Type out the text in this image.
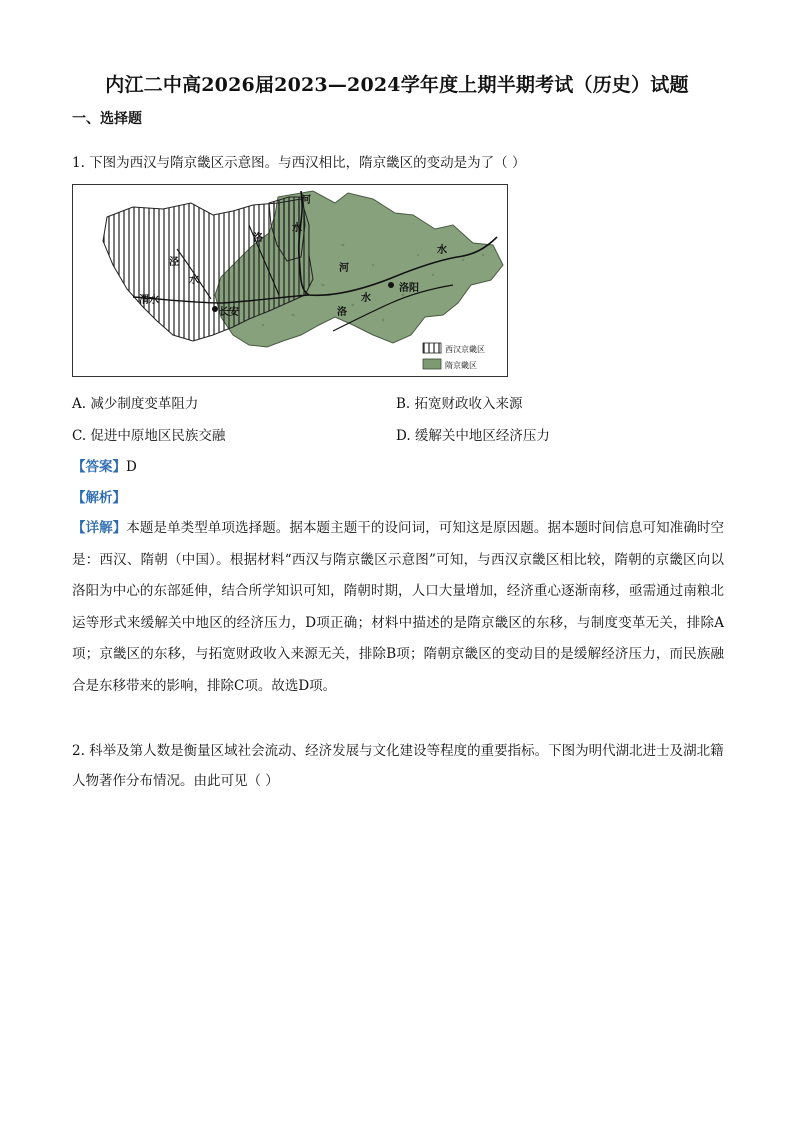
内江二中高2026届2023—2024学年度上期半期考试（历史）试题
一、选择题
1. 下图为西汉与隋京畿区示意图。与西汉相比，隋京畿区的变动是为了（ ）
河
水
洛
泾
渭水
水
长安
河
水
洛
水
洛阳
西汉京畿区
隋京畿区
A. 减少制度变革阻力	B. 拓宽财政收入来源
C. 促进中原地区民族交融	D. 缓解关中地区经济压力
【答案】D
【解析】
【详解】本题是单类型单项选择题。据本题主题干的设问词，可知这是原因题。据本题时间信息可知准确时空是：西汉、隋朝（中国）。根据材料“西汉与隋京畿区示意图”可知，与西汉京畿区相比较，隋朝的京畿区向以洛阳为中心的东部延伸，结合所学知识可知，隋朝时期，人口大量增加，经济重心逐渐南移，亟需通过南粮北运等形式来缓解关中地区的经济压力，D项正确；材料中描述的是隋京畿区的东移，与制度变革无关，排除A项；京畿区的东移，与拓宽财政收入来源无关，排除B项；隋朝京畿区的变动目的是缓解经济压力，而民族融合是东移带来的影响，排除C项。故选D项。
2. 科举及第人数是衡量区域社会流动、经济发展与文化建设等程度的重要指标。下图为明代湖北进士及湖北籍人物著作分布情况。由此可见（ ）
